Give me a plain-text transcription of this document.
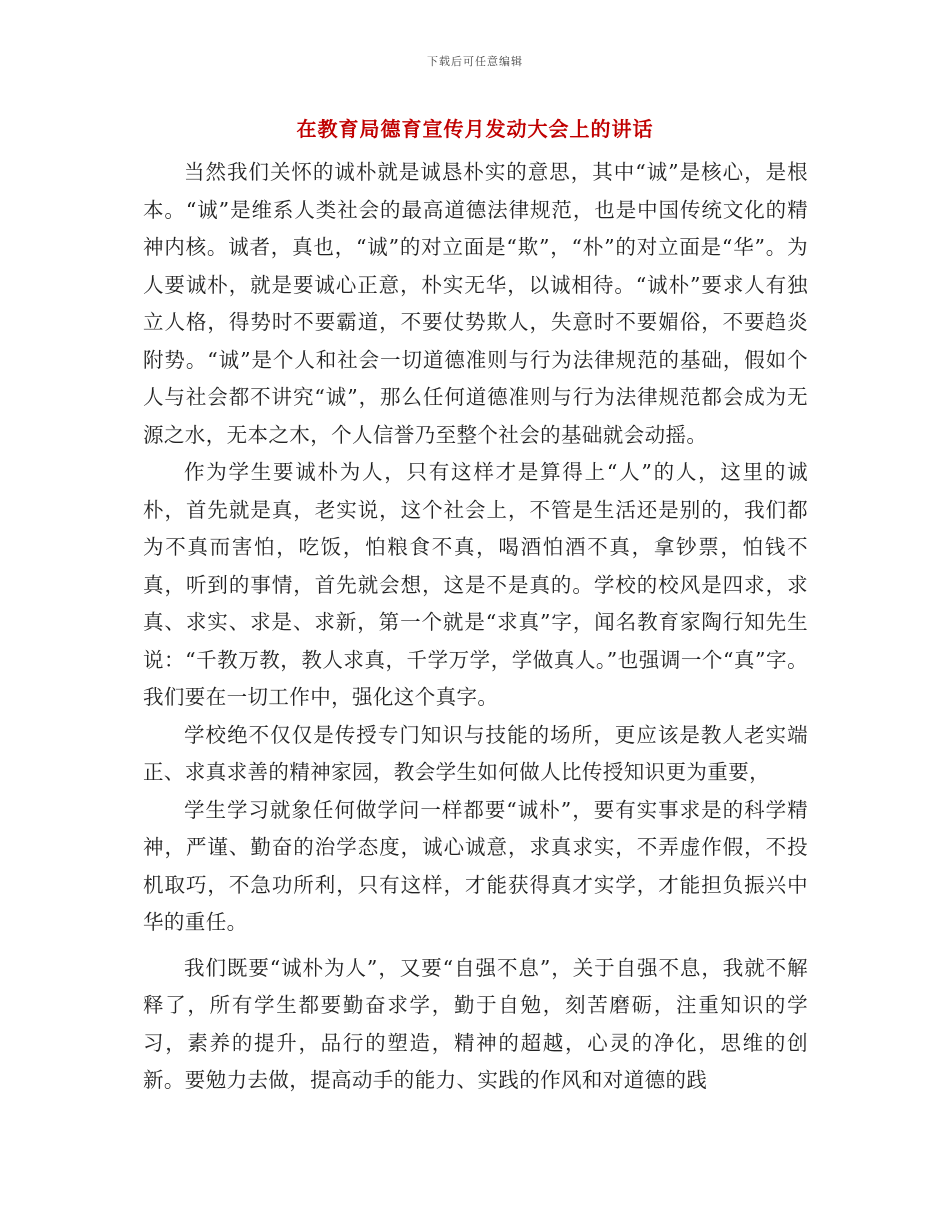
下载后可任意编辑
在教育局德育宣传月发动大会上的讲话

当然我们关怀的诚朴就是诚恳朴实的意思，其中“诚”是核心，是根本。“诚”是维系人类社会的最高道德法律规范，也是中国传统文化的精神内核。诚者，真也，“诚”的对立面是“欺”，“朴”的对立面是“华”。为人要诚朴，就是要诚心正意，朴实无华，以诚相待。“诚朴”要求人有独立人格，得势时不要霸道，不要仗势欺人，失意时不要媚俗，不要趋炎附势。“诚”是个人和社会一切道德准则与行为法律规范的基础，假如个人与社会都不讲究“诚”，那么任何道德准则与行为法律规范都会成为无源之水，无本之木，个人信誉乃至整个社会的基础就会动摇。

作为学生要诚朴为人，只有这样才是算得上“人”的人，这里的诚朴，首先就是真，老实说，这个社会上，不管是生活还是别的，我们都为不真而害怕，吃饭，怕粮食不真，喝酒怕酒不真，拿钞票，怕钱不真，听到的事情，首先就会想，这是不是真的。学校的校风是四求，求真、求实、求是、求新，第一个就是“求真”字，闻名教育家陶行知先生说：“千教万教，教人求真，千学万学，学做真人。”也强调一个“真”字。我们要在一切工作中，强化这个真字。

学校绝不仅仅是传授专门知识与技能的场所，更应该是教人老实端正、求真求善的精神家园，教会学生如何做人比传授知识更为重要，

学生学习就象任何做学问一样都要“诚朴”，要有实事求是的科学精神，严谨、勤奋的治学态度，诚心诚意，求真求实，不弄虚作假，不投机取巧，不急功所利，只有这样，才能获得真才实学，才能担负振兴中华的重任。

我们既要“诚朴为人”，又要“自强不息”，关于自强不息，我就不解释了，所有学生都要勤奋求学，勤于自勉，刻苦磨砺，注重知识的学习，素养的提升，品行的塑造，精神的超越，心灵的净化，思维的创新。要勉力去做，提高动手的能力、实践的作风和对道德的践
